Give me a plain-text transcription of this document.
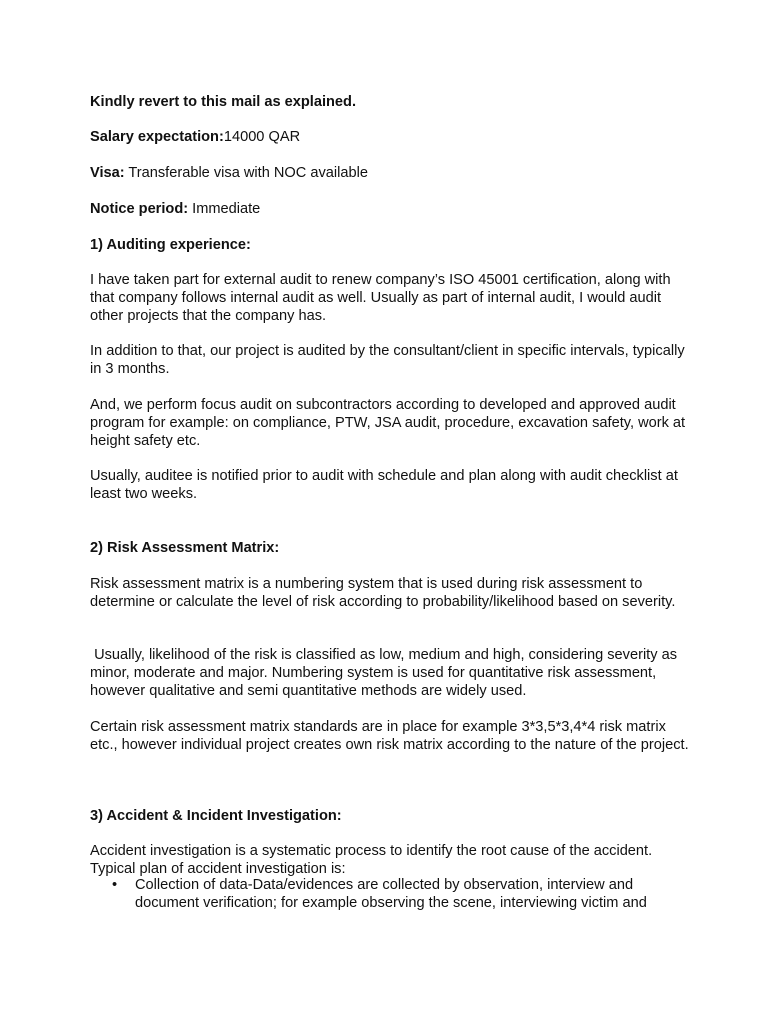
Kindly revert to this mail as explained.

Salary expectation:14000 QAR

Visa: Transferable visa with NOC available

Notice period: Immediate

1) Auditing experience:

I have taken part for external audit to renew company’s ISO 45001 certification, along with that company follows internal audit as well. Usually as part of internal audit, I would audit other projects that the company has.

In addition to that, our project is audited by the consultant/client in specific intervals, typically in 3 months.

And, we perform focus audit on subcontractors according to developed and approved audit program for example: on compliance, PTW, JSA audit, procedure, excavation safety, work at height safety etc.

Usually, auditee is notified prior to audit with schedule and plan along with audit checklist at least two weeks.

2) Risk Assessment Matrix:

Risk assessment matrix is a numbering system that is used during risk assessment to determine or calculate the level of risk according to probability/likelihood based on severity.

Usually, likelihood of the risk is classified as low, medium and high, considering severity as minor, moderate and major. Numbering system is used for quantitative risk assessment, however qualitative and semi quantitative methods are widely used.

Certain risk assessment matrix standards are in place for example 3*3,5*3,4*4 risk matrix etc., however individual project creates own risk matrix according to the nature of the project.

3) Accident & Incident Investigation:

Accident investigation is a systematic process to identify the root cause of the accident. Typical plan of accident investigation is:

• Collection of data-Data/evidences are collected by observation, interview and document verification; for example observing the scene, interviewing victim and
